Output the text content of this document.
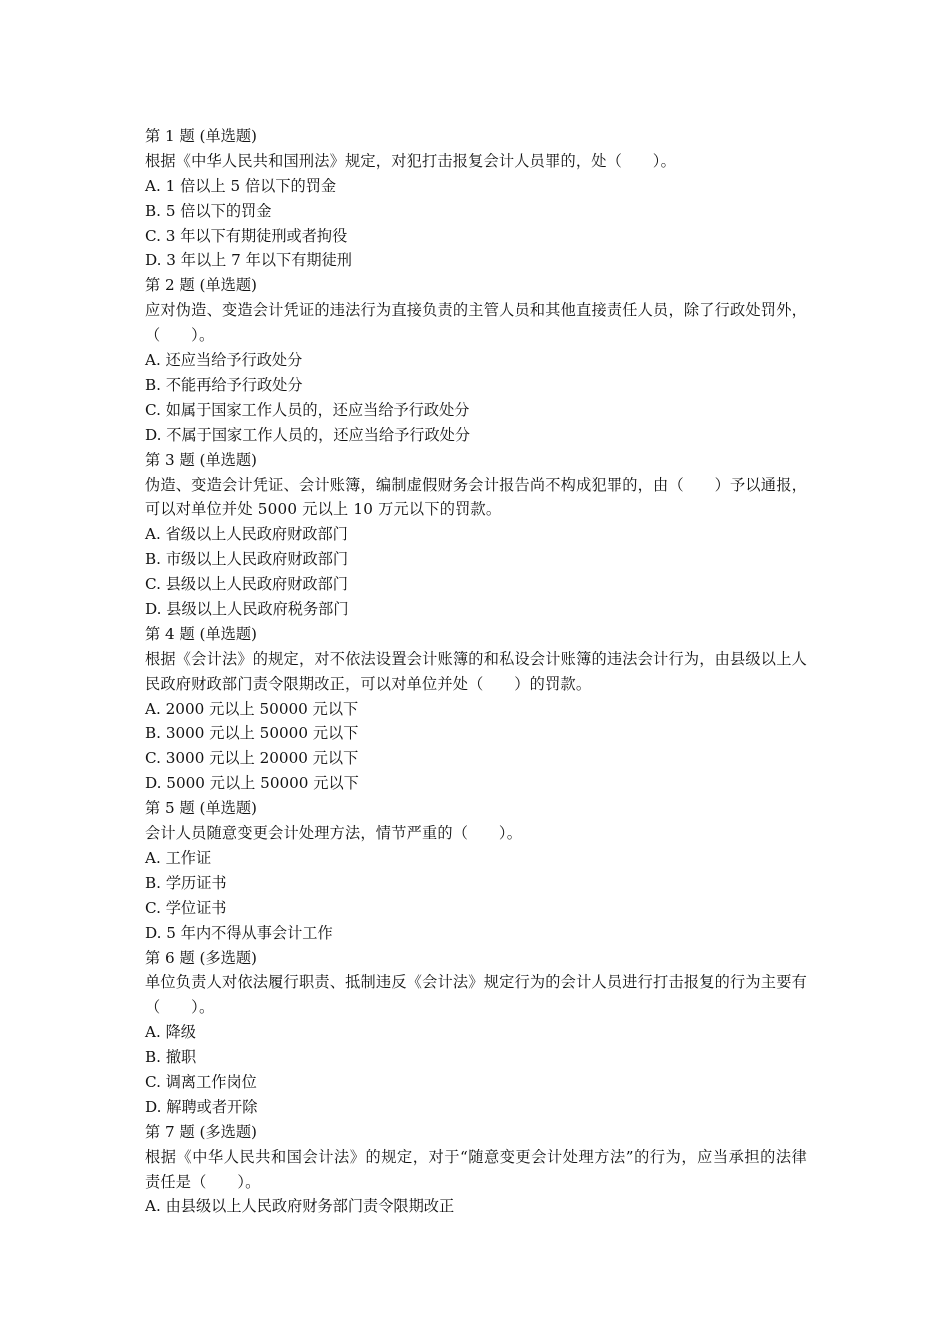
第 1 题 (单选题)
根据《中华人民共和国刑法》规定，对犯打击报复会计人员罪的，处（　　）。
A. 1 倍以上 5 倍以下的罚金
B. 5 倍以下的罚金
C. 3 年以下有期徒刑或者拘役
D. 3 年以上 7 年以下有期徒刑
第 2 题 (单选题)
应对伪造、变造会计凭证的违法行为直接负责的主管人员和其他直接责任人员，除了行政处罚外，（　　）。
A. 还应当给予行政处分
B. 不能再给予行政处分
C. 如属于国家工作人员的，还应当给予行政处分
D. 不属于国家工作人员的，还应当给予行政处分
第 3 题 (单选题)
伪造、变造会计凭证、会计账簿，编制虚假财务会计报告尚不构成犯罪的，由（　　）予以通报，可以对单位并处 5000 元以上 10 万元以下的罚款。
A. 省级以上人民政府财政部门
B. 市级以上人民政府财政部门
C. 县级以上人民政府财政部门
D. 县级以上人民政府税务部门
第 4 题 (单选题)
根据《会计法》的规定，对不依法设置会计账簿的和私设会计账簿的违法会计行为，由县级以上人民政府财政部门责令限期改正，可以对单位并处（　　）的罚款。
A. 2000 元以上 50000 元以下
B. 3000 元以上 50000 元以下
C. 3000 元以上 20000 元以下
D. 5000 元以上 50000 元以下
第 5 题 (单选题)
会计人员随意变更会计处理方法，情节严重的（　　）。
A. 工作证
B. 学历证书
C. 学位证书
D. 5 年内不得从事会计工作
第 6 题 (多选题)
单位负责人对依法履行职责、抵制违反《会计法》规定行为的会计人员进行打击报复的行为主要有（　　）。
A. 降级
B. 撤职
C. 调离工作岗位
D. 解聘或者开除
第 7 题 (多选题)
根据《中华人民共和国会计法》的规定，对于“随意变更会计处理方法”的行为，应当承担的法律责任是（　　）。
A. 由县级以上人民政府财务部门责令限期改正
